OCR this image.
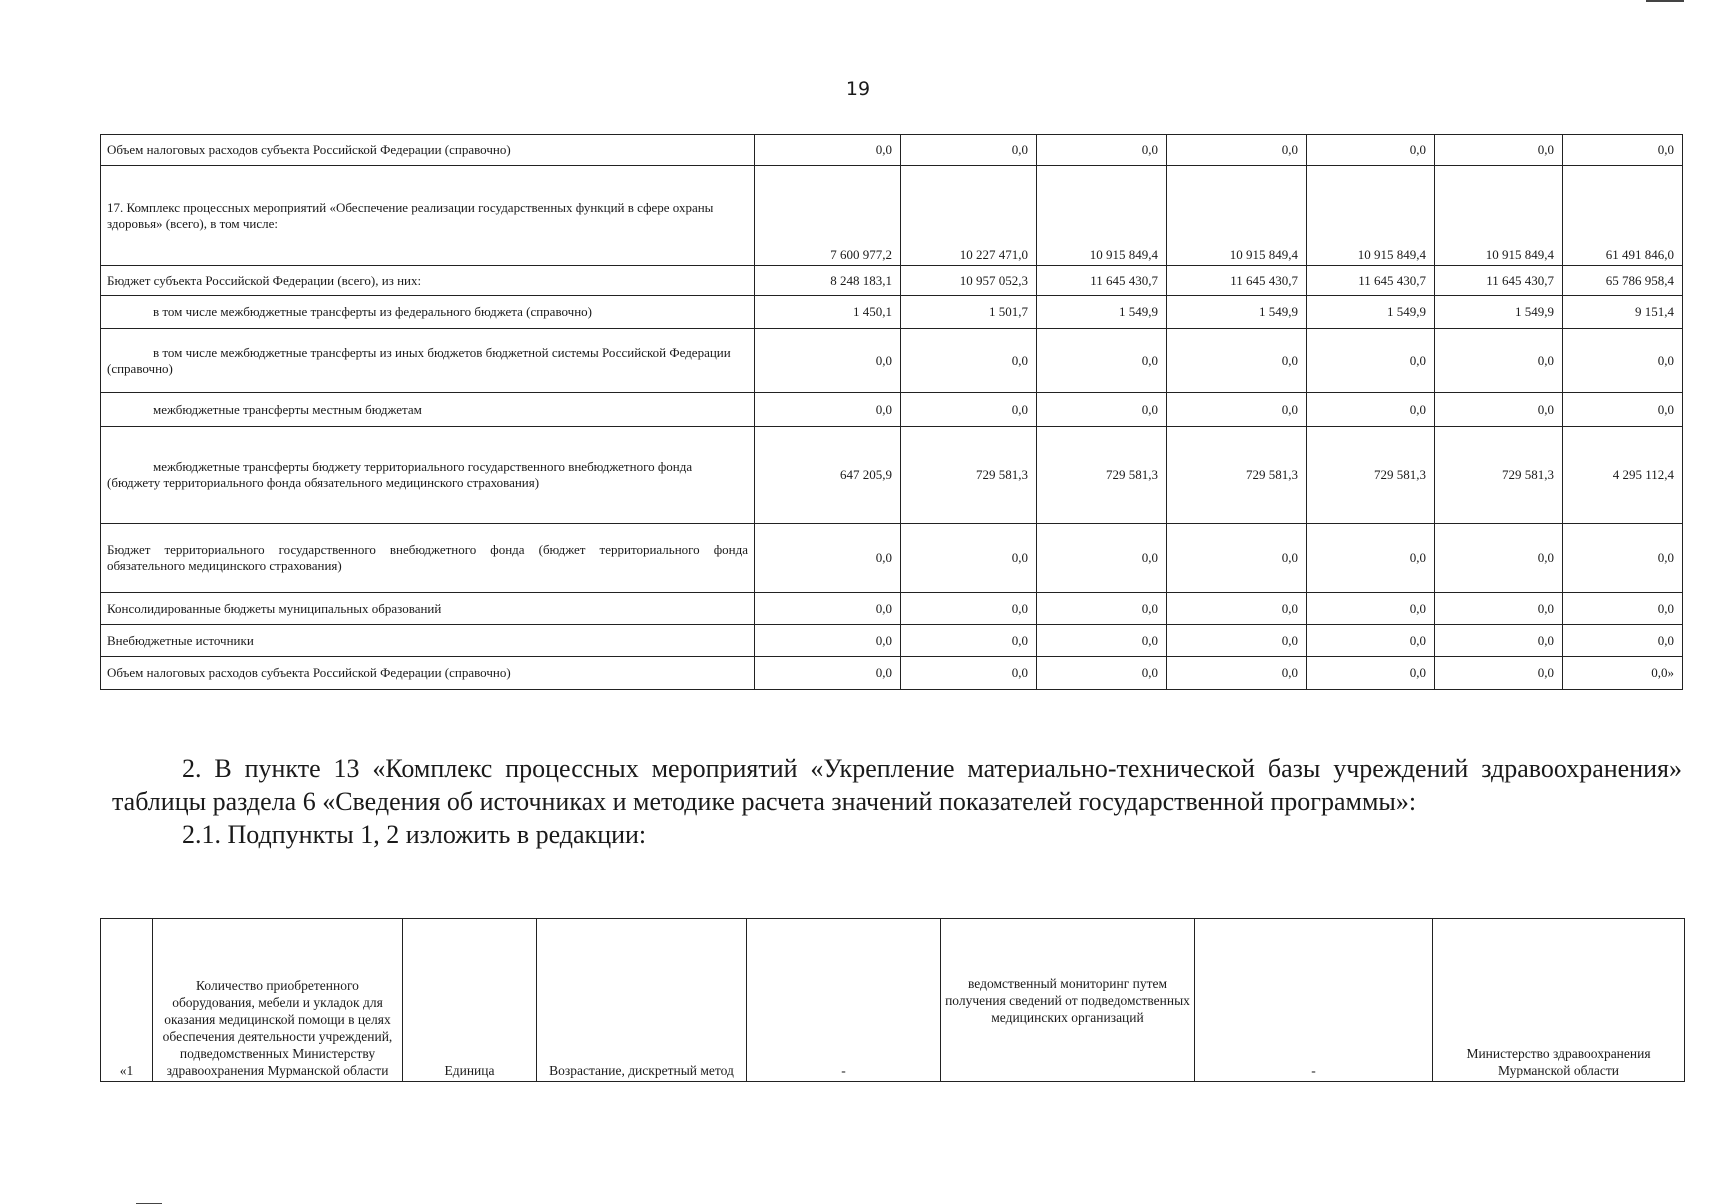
19
Объем налоговых расходов субъекта Российской Федерации (справочно)	0,0	0,0	0,0	0,0	0,0	0,0	0,0
17. Комплекс процессных мероприятий «Обеспечение реализации государственных функций в сфере охраны здоровья» (всего), в том числе:	7 600 977,2	10 227 471,0	10 915 849,4	10 915 849,4	10 915 849,4	10 915 849,4	61 491 846,0
Бюджет субъекта Российской Федерации (всего), из них:	8 248 183,1	10 957 052,3	11 645 430,7	11 645 430,7	11 645 430,7	11 645 430,7	65 786 958,4
в том числе межбюджетные трансферты из федерального бюджета (справочно)	1 450,1	1 501,7	1 549,9	1 549,9	1 549,9	1 549,9	9 151,4
в том числе межбюджетные трансферты из иных бюджетов бюджетной системы Российской Федерации (справочно)	0,0	0,0	0,0	0,0	0,0	0,0	0,0
межбюджетные трансферты местным бюджетам	0,0	0,0	0,0	0,0	0,0	0,0	0,0
межбюджетные трансферты бюджету территориального государственного внебюджетного фонда (бюджету территориального фонда обязательного медицинского страхования)	647 205,9	729 581,3	729 581,3	729 581,3	729 581,3	729 581,3	4 295 112,4
Бюджет территориального государственного внебюджетного фонда (бюджет территориального фонда обязательного медицинского страхования)	0,0	0,0	0,0	0,0	0,0	0,0	0,0
Консолидированные бюджеты муниципальных образований	0,0	0,0	0,0	0,0	0,0	0,0	0,0
Внебюджетные источники	0,0	0,0	0,0	0,0	0,0	0,0	0,0
Объем налоговых расходов субъекта Российской Федерации (справочно)	0,0	0,0	0,0	0,0	0,0	0,0	0,0»

2. В пункте 13 «Комплекс процессных мероприятий «Укрепление материально-технической базы учреждений здравоохранения» таблицы раздела 6 «Сведения об источниках и методике расчета значений показателей государственной программы»:

2.1. Подпункты 1, 2 изложить в редакции:

«1	Количество приобретенного оборудования, мебели и укладок для оказания медицинской помощи в целях обеспечения деятельности учреждений, подведомственных Министерству здравоохранения Мурманской области	Единица	Возрастание, дискретный метод	-	ведомственный мониторинг путем получения сведений от подведомственных медицинских организаций	-	Министерство здравоохранения Мурманской области
